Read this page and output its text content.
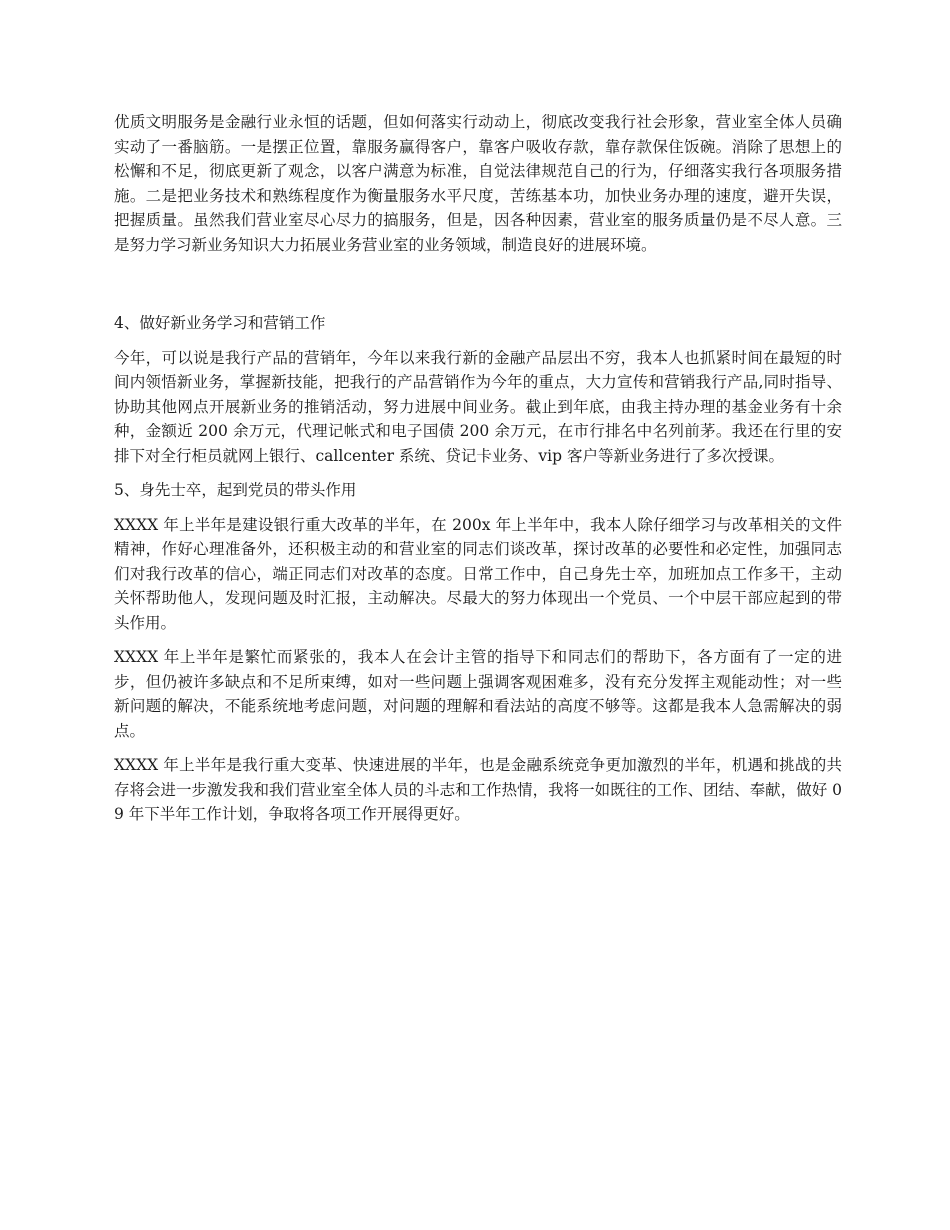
优质文明服务是金融行业永恒的话题，但如何落实行动动上，彻底改变我行社会形象，营业室全体人员确实动了一番脑筋。一是摆正位置，靠服务赢得客户，靠客户吸收存款，靠存款保住饭碗。消除了思想上的松懈和不足，彻底更新了观念，以客户满意为标准，自觉法律规范自己的行为，仔细落实我行各项服务措施。二是把业务技术和熟练程度作为衡量服务水平尺度，苦练基本功，加快业务办理的速度，避开失误，把握质量。虽然我们营业室尽心尽力的搞服务，但是，因各种因素，营业室的服务质量仍是不尽人意。三是努力学习新业务知识大力拓展业务营业室的业务领域，制造良好的进展环境。

4、做好新业务学习和营销工作

今年，可以说是我行产品的营销年，今年以来我行新的金融产品层出不穷，我本人也抓紧时间在最短的时间内领悟新业务，掌握新技能，把我行的产品营销作为今年的重点，大力宣传和营销我行产品,同时指导、协助其他网点开展新业务的推销活动，努力进展中间业务。截止到年底，由我主持办理的基金业务有十余种，金额近 200 余万元，代理记帐式和电子国债 200 余万元，在市行排名中名列前茅。我还在行里的安排下对全行柜员就网上银行、callcenter 系统、贷记卡业务、vip 客户等新业务进行了多次授课。

5、身先士卒，起到党员的带头作用

XXXX 年上半年是建设银行重大改革的半年，在 200x 年上半年中，我本人除仔细学习与改革相关的文件精神，作好心理准备外，还积极主动的和营业室的同志们谈改革，探讨改革的必要性和必定性，加强同志们对我行改革的信心，端正同志们对改革的态度。日常工作中，自己身先士卒，加班加点工作多干，主动关怀帮助他人，发现问题及时汇报，主动解决。尽最大的努力体现出一个党员、一个中层干部应起到的带头作用。

XXXX 年上半年是繁忙而紧张的，我本人在会计主管的指导下和同志们的帮助下，各方面有了一定的进步，但仍被许多缺点和不足所束缚，如对一些问题上强调客观困难多，没有充分发挥主观能动性；对一些新问题的解决，不能系统地考虑问题，对问题的理解和看法站的高度不够等。这都是我本人急需解决的弱点。

XXXX 年上半年是我行重大变革、快速进展的半年，也是金融系统竞争更加激烈的半年，机遇和挑战的共存将会进一步激发我和我们营业室全体人员的斗志和工作热情，我将一如既往的工作、团结、奉献，做好 09 年下半年工作计划，争取将各项工作开展得更好。
